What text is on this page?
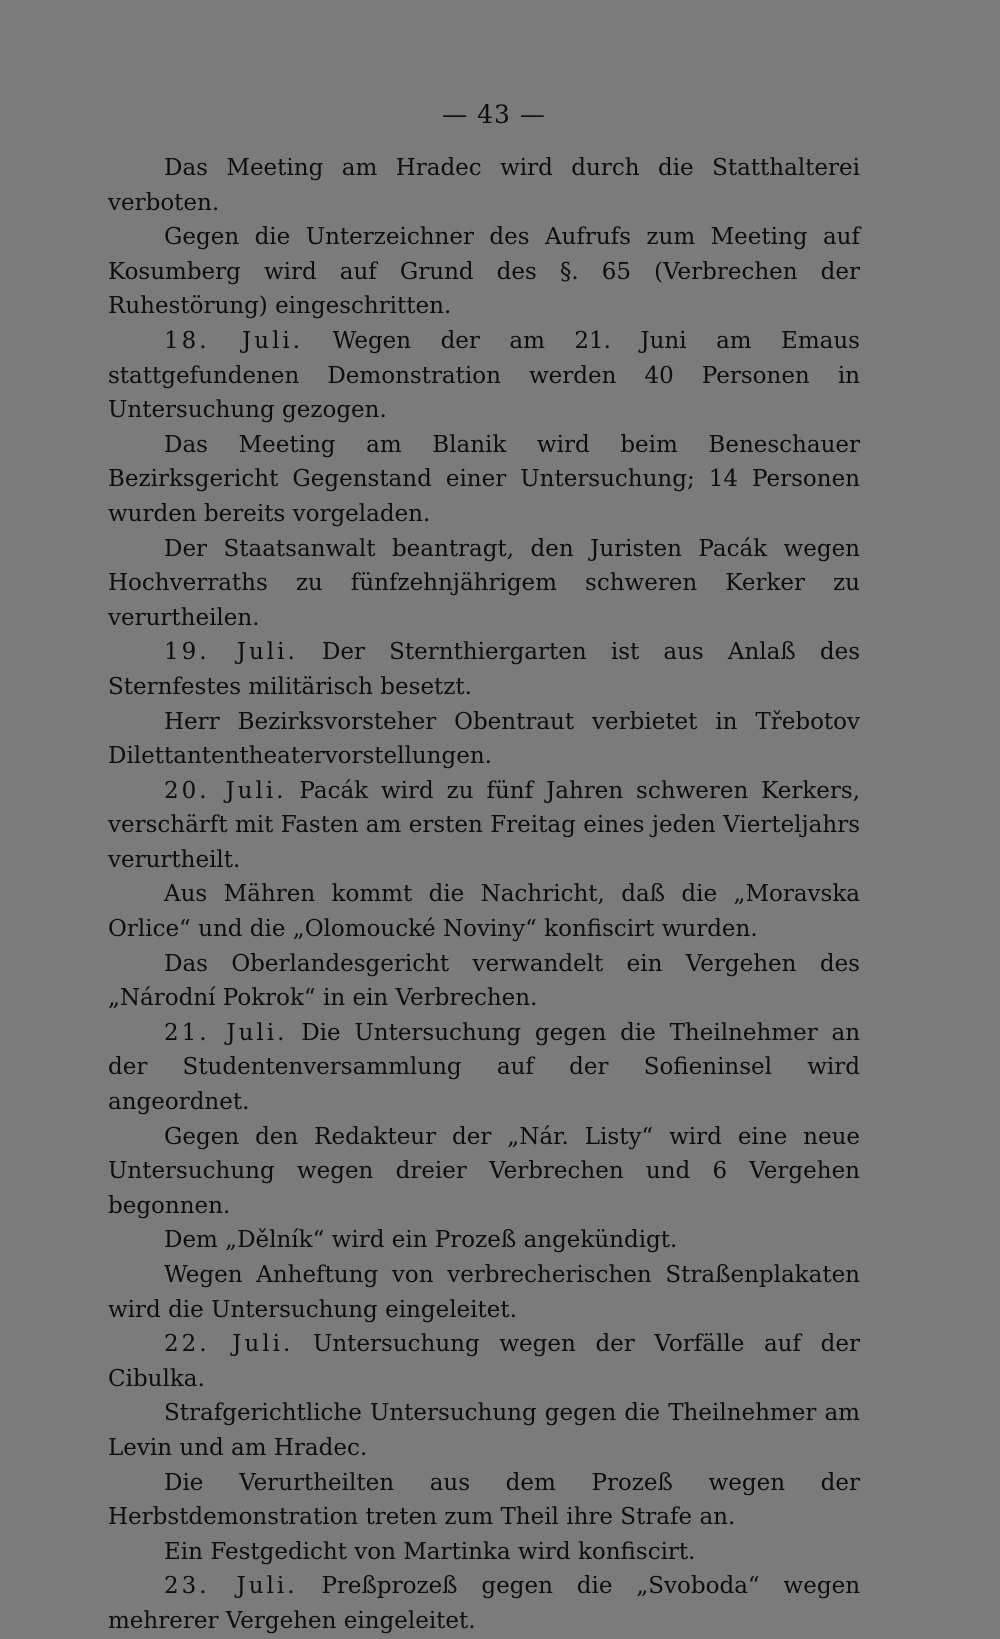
— 43 —

Das Meeting am Hradec wird durch die Statthalterei verboten.

Gegen die Unterzeichner des Aufrufs zum Meeting auf Kosumberg wird auf Grund des §. 65 (Verbrechen der Ruhestörung) eingeschritten.

18. Juli. Wegen der am 21. Juni am Emaus stattgefundenen Demonstration werden 40 Personen in Untersuchung gezogen.

Das Meeting am Blanik wird beim Beneschauer Bezirksgericht Gegenstand einer Untersuchung; 14 Personen wurden bereits vorgeladen.

Der Staatsanwalt beantragt, den Juristen Pacák wegen Hochverraths zu fünfzehnjährigem schweren Kerker zu verurtheilen.

19. Juli. Der Sternthiergarten ist aus Anlaß des Sternfestes militärisch besetzt.

Herr Bezirksvorsteher Obentraut verbietet in Třebotov Dilettantentheatervorstellungen.

20. Juli. Pacák wird zu fünf Jahren schweren Kerkers, verschärft mit Fasten am ersten Freitag eines jeden Vierteljahrs verurtheilt.

Aus Mähren kommt die Nachricht, daß die „Moravska Orlice“ und die „Olomoucké Noviny“ konfiscirt wurden.

Das Oberlandesgericht verwandelt ein Vergehen des „Národní Pokrok“ in ein Verbrechen.

21. Juli. Die Untersuchung gegen die Theilnehmer an der Studentenversammlung auf der Sofieninsel wird angeordnet.

Gegen den Redakteur der „Nár. Listy“ wird eine neue Untersuchung wegen dreier Verbrechen und 6 Vergehen begonnen.

Dem „Dělník“ wird ein Prozeß angekündigt.

Wegen Anheftung von verbrecherischen Straßenplakaten wird die Untersuchung eingeleitet.

22. Juli. Untersuchung wegen der Vorfälle auf der Cibulka.

Strafgerichtliche Untersuchung gegen die Theilnehmer am Levin und am Hradec.

Die Verurtheilten aus dem Prozeß wegen der Herbstdemonstration treten zum Theil ihre Strafe an.

Ein Festgedicht von Martinka wird konfiscirt.

23. Juli. Preßprozeß gegen die „Svoboda“ wegen mehrerer Vergehen eingeleitet.
